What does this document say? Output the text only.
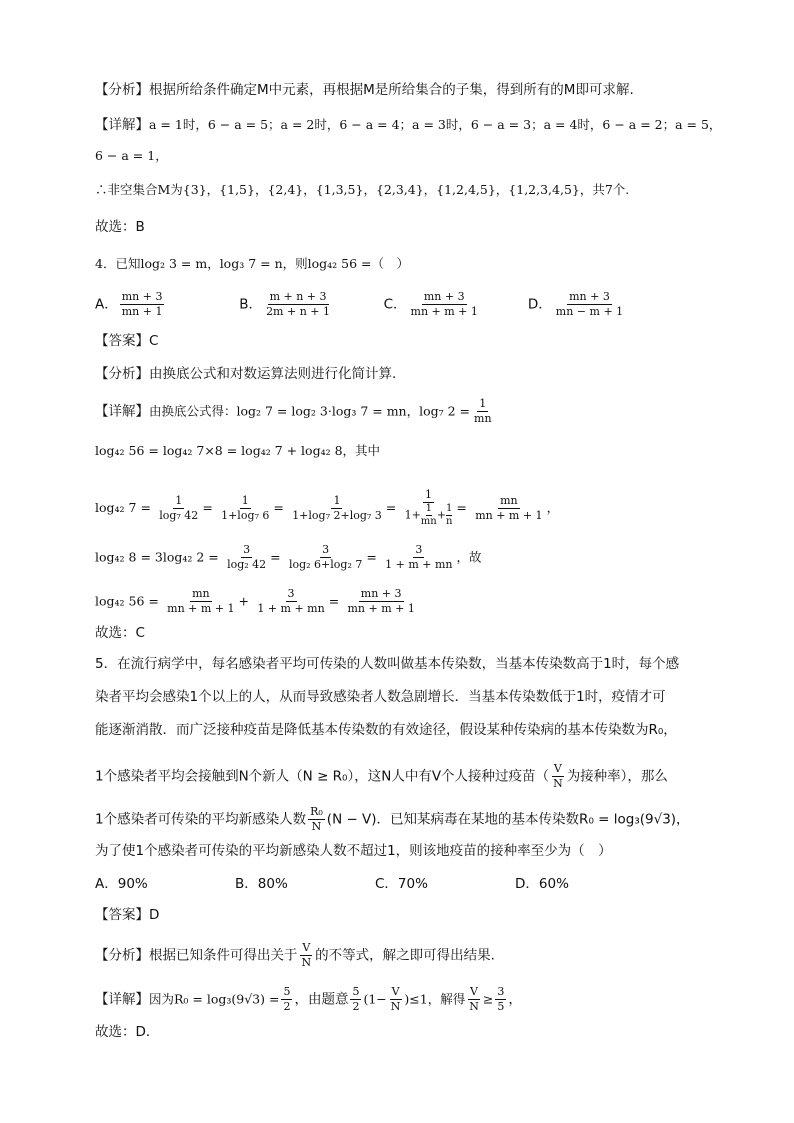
【分析】根据所给条件确定M中元素，再根据M是所给集合的子集，得到所有的M即可求解.
【详解】a = 1时，6 − a = 5；a = 2时，6 − a = 4；a = 3时，6 − a = 3；a = 4时，6 − a = 2；a = 5，
6 − a = 1，
∴非空集合M为{3}，{1,5}，{2,4}，{1,3,5}，{2,3,4}，{1,2,4,5}，{1,2,3,4,5}，共7个.
故选：B
4．已知log₂ 3 = m，log₃ 7 = n，则log₄₂ 56 =（　）
A． $\frac{mn + 3}{mn + 1}$	B． $\frac{m + n + 3}{2m + n + 1}$	C． $\frac{mn + 3}{mn + m + 1}$	D． $\frac{mn + 3}{mn - m + 1}$
【答案】C
【分析】由换底公式和对数运算法则进行化简计算.
【详解】由换底公式得：log₂ 7 = log₂ 3·log₃ 7 = mn，log₇ $2 = \frac{1}{mn}$
log₄₂ 56 = log₄₂ 7×8 = log₄₂ 7 + log₄₂ 8，其中
log₄₂ $7 = \frac{1}{\text{log₇ 42}} = \frac{1}{\text{1+log₇ 6}} = \frac{1}{\text{1+log₇ 2+log₇ 3}} = \frac{1}{1+ \frac{1}{mn} + \frac{1}{n}} = \frac{mn}{mn + m + 1}$ ，
log₄₂ 8 = 3log₄₂ $2 = \frac{3}{\text{log₂ 42}} = \frac{3}{\text{log₂ 6+log₂ 7}} = \frac{3}{1 + m + mn}$ ，故
log₄₂ $56 = \frac{mn}{mn + m + 1} + \frac{3}{1 + m + mn} = \frac{mn + 3}{mn + m + 1}$
故选：C
5．在流行病学中，每名感染者平均可传染的人数叫做基本传染数，当基本传染数高于1时，每个感
染者平均会感染1个以上的人，从而导致感染者人数急剧增长．当基本传染数低于1时，疫情才可
能逐渐消散．而广泛接种疫苗是降低基本传染数的有效途径，假设某种传染病的基本传染数为R₀，
1个感染者平均会接触到N个新人（N ≥ R₀），这N人中有V个人接种过疫苗（ $\frac{V}{N}$ 为接种率），那么
1个感染者可传染的平均新感染人数 $\frac{\text{R₀}}{N} (N - V)$．已知某病毒在某地的基本传染数R₀ = log₃(9√3)，
为了使1个感染者可传染的平均新感染人数不超过1，则该地疫苗的接种率至少为（　）
A．90%	B．80%	C．70%	D．60%
【答案】D
【分析】根据已知条件可得出关于 $\frac{V}{N}$ 的不等式，解之即可得出结果.
【详解】因为$R_0 = \log_3(9√3) = \frac{5}{2}$ ，由题意 $\frac{5}{2} (1- \frac{V}{N} )\le 1$，解得 $\frac{V}{N} \ge \frac{3}{5}$ ，
故选：D．
